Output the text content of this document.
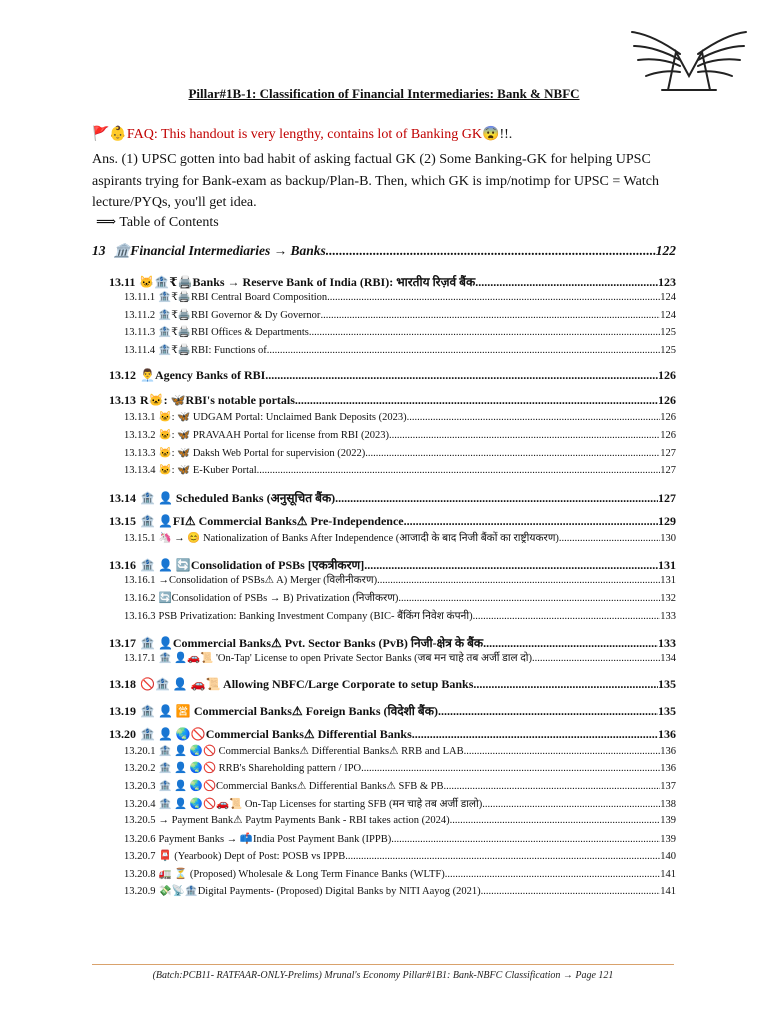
Pillar#1B-1: Classification of Financial Intermediaries: Bank & NBFC
🚩👶FAQ: This handout is very lengthy, contains lot of Banking GK😨!!.
Ans. (1) UPSC gotten into bad habit of asking factual GK (2) Some Banking-GK for helping UPSC aspirants trying for Bank-exam as backup/Plan-B. Then, which GK is imp/notimp for UPSC = Watch lecture/PYQs, you'll get idea.
⟹ Table of Contents
13 🏛️Financial Intermediaries → Banks .....	122
13.11 🐱🏦₹🖨️Banks → Reserve Bank of India (RBI): भारतीय रिज़र्व बैंक .....	123
13.11.1 🏦₹🖨️RBI Central Board Composition .....	124
13.11.2 🏦₹🖨️RBI Governor & Dy Governor .....	124
13.11.3 🏦₹🖨️RBI Offices & Departments .....	125
13.11.4 🏦₹🖨️RBI: Functions of .....	125
13.12 👨‍💼Agency Banks of RBI .....	126
13.13 R🐱: 🦋RBI's notable portals .....	126
13.13.1 🐱: 🦋 UDGAM Portal: Unclaimed Bank Deposits (2023) .....	126
13.13.2 🐱: 🦋 PRAVAAH Portal for license from RBI (2023) .....	126
13.13.3 🐱: 🦋 Daksh Web Portal for supervision (2022) .....	127
13.13.4 🐱: 🦋 E-Kuber Portal .....	127
13.14 🏦 👤 Scheduled Banks (अनुसूचित बैंक) .....	127
13.15 🏦 👤FI⚠ Commercial Banks⚠ Pre-Independence .....	129
13.15.1 🦄 → 😊 Nationalization of Banks After Independence (आजादी के बाद निजी बैंकों का राष्ट्रीयकरण) .....	130
13.16 🏦 👤 🔄Consolidation of PSBs [एकत्रीकरण] .....	131
13.16.1 →Consolidation of PSBs⚠ A) Merger (विलीनीकरण) .....	131
13.16.2 🔄Consolidation of PSBs → B) Privatization (निजीकरण) .....	132
13.16.3 PSB Privatization: Banking Investment Company (BIC- बैंकिंग निवेश कंपनी) .....	133
13.17 🏦 👤Commercial Banks⚠ Pvt. Sector Banks (PvB) निजी-क्षेत्र के बैंक .....	133
13.17.1 🏦 👤🚗📜 'On-Tap' License to open Private Sector Banks (जब मन चाहे तब अर्जी डाल दो) .....	134
13.18 🚫🏦 👤 🚗📜 Allowing NBFC/Large Corporate to setup Banks .....	135
13.19 🏦 👤 🈺 Commercial Banks⚠ Foreign Banks (विदेशी बैंक) .....	135
13.20 🏦 👤 🌏🚫Commercial Banks⚠ Differential Banks .....	136
13.20.1 🏦 👤 🌏🚫 Commercial Banks⚠ Differential Banks⚠ RRB and LAB .....	136
13.20.2 🏦 👤 🌏🚫 RRB's Shareholding pattern / IPO .....	136
13.20.3 🏦 👤 🌏🚫Commercial Banks⚠ Differential Banks⚠ SFB & PB .....	137
13.20.4 🏦 👤 🌏🚫🚗📜 On-Tap Licenses for starting SFB (मन चाहे तब अर्जी डालो) .....	138
13.20.5 → Payment Bank⚠ Paytm Payments Bank - RBI takes action (2024) .....	139
13.20.6 Payment Banks → 📫India Post Payment Bank (IPPB) .....	139
13.20.7 📮 (Yearbook) Dept of Post: POSB vs IPPB .....	140
13.20.8 🚛 ⏳ (Proposed) Wholesale & Long Term Finance Banks (WLTF) .....	141
13.20.9 💸📡🏦Digital Payments- (Proposed) Digital Banks by NITI Aayog (2021) .....	141
(Batch:PCB11- RATFAAR-ONLY-Prelims) Mrunal's Economy Pillar#1B1: Bank-NBFC Classification → Page 121
